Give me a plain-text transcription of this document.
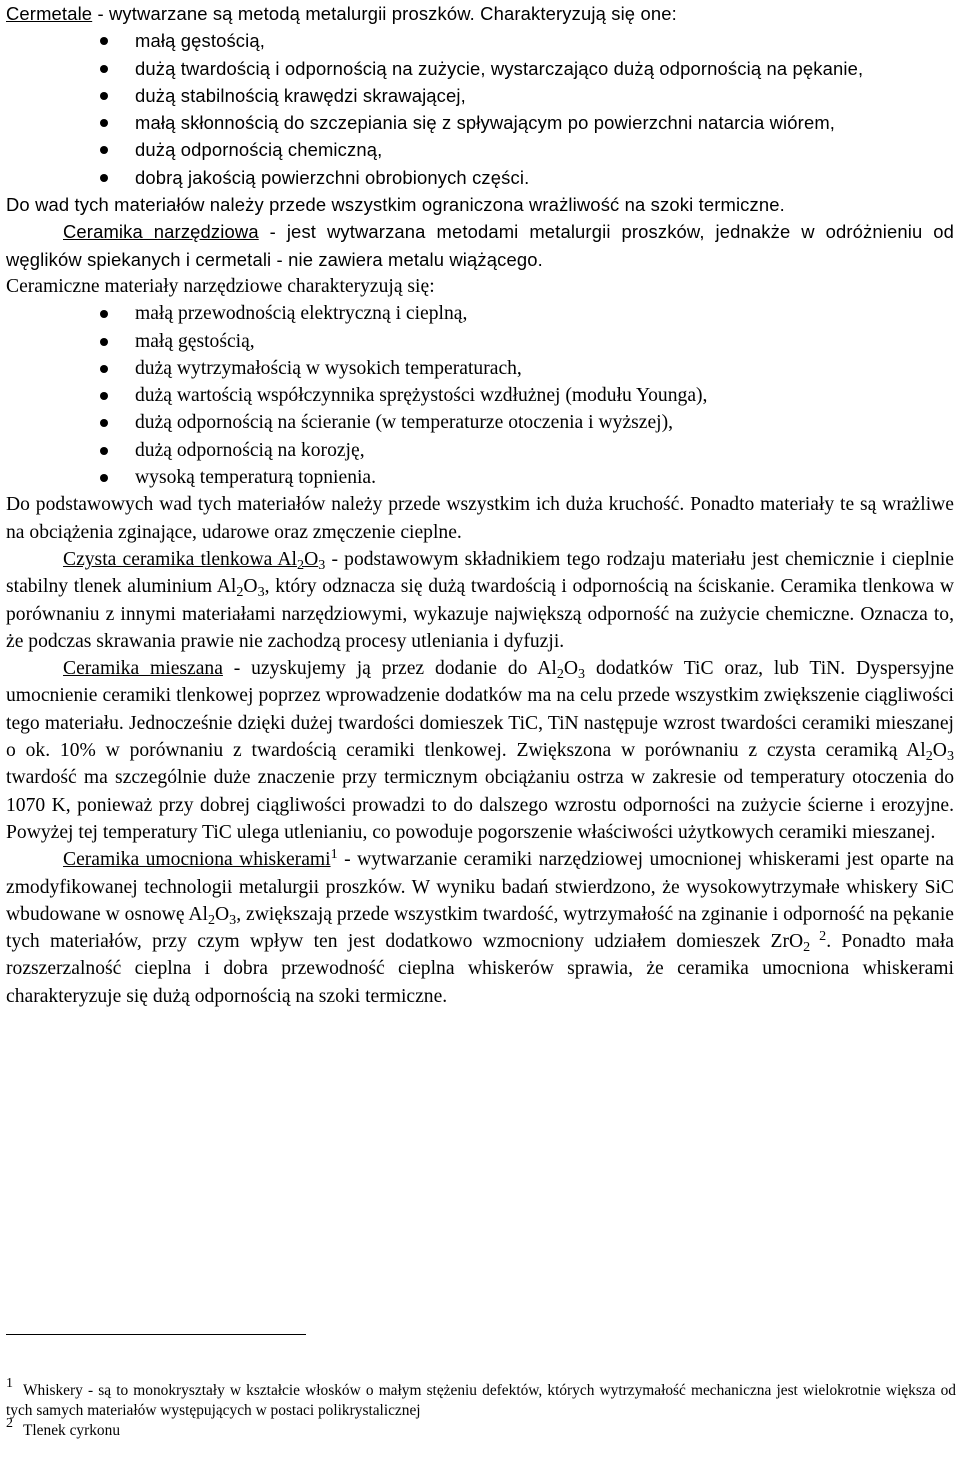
Cermetale - wytwarzane są metodą metalurgii proszków. Charakteryzują się one:

małą gęstością,
dużą twardością i odpornością na zużycie, wystarczająco dużą odpornością na pękanie,
dużą stabilnością krawędzi skrawającej,
małą skłonnością do szczepiania się z spływającym po powierzchni natarcia wiórem,
dużą odpornością chemiczną,
dobrą jakością powierzchni obrobionych części.

Do wad tych materiałów należy przede wszystkim ograniczona wrażliwość na szoki termiczne.

Ceramika narzędziowa - jest wytwarzana metodami metalurgii proszków, jednakże w odróżnieniu od węglików spiekanych i cermetali - nie zawiera metalu wiążącego.

Ceramiczne materiały narzędziowe charakteryzują się:

małą przewodnością elektryczną i cieplną,
małą gęstością,
dużą wytrzymałością w wysokich temperaturach,
dużą wartością współczynnika sprężystości wzdłużnej (modułu Younga),
dużą odpornością na ścieranie (w temperaturze otoczenia i wyższej),
dużą odpornością na korozję,
wysoką temperaturą topnienia.

Do podstawowych wad tych materiałów należy przede wszystkim ich duża kruchość. Ponadto materiały te są wrażliwe na obciążenia zginające, udarowe oraz zmęczenie cieplne.

Czysta ceramika tlenkowa $Al_2O_3$ - podstawowym składnikiem tego rodzaju materiału jest chemicznie i cieplnie stabilny tlenek aluminium $Al_2O_3$, który odznacza się dużą twardością i odpornością na ściskanie. Ceramika tlenkowa w porównaniu z innymi materiałami narzędziowymi, wykazuje największą odporność na zużycie chemiczne. Oznacza to, że podczas skrawania prawie nie zachodzą procesy utleniania i dyfuzji.

Ceramika mieszana - uzyskujemy ją przez dodanie do $Al_2O_3$ dodatków TiC oraz, lub TiN. Dyspersyjne umocnienie ceramiki tlenkowej poprzez wprowadzenie dodatków ma na celu przede wszystkim zwiększenie ciągliwości tego materiału. Jednocześnie dzięki dużej twardości domieszek TiC, TiN następuje wzrost twardości ceramiki mieszanej o ok. 10% w porównaniu z twardością ceramiki tlenkowej. Zwiększona w porównaniu z czysta ceramiką $Al_2O_3$ twardość ma szczególnie duże znaczenie przy termicznym obciążaniu ostrza w zakresie od temperatury otoczenia do 1070 K, ponieważ przy dobrej ciągliwości prowadzi to do dalszego wzrostu odporności na zużycie ścierne i erozyjne. Powyżej tej temperatury TiC ulega utlenianiu, co powoduje pogorszenie właściwości użytkowych ceramiki mieszanej.

Ceramika umocniona whiskerami$^1$ - wytwarzanie ceramiki narzędziowej umocnionej whiskerami jest oparte na zmodyfikowanej technologii metalurgii proszków. W wyniku badań stwierdzono, że wysokowytrzymałe whiskery SiC wbudowane w osnowę $Al_2O_3$, zwiększają przede wszystkim twardość, wytrzymałość na zginanie i odporność na pękanie tych materiałów, przy czym wpływ ten jest dodatkowo wzmocniony udziałem domieszek ZrO$_2$ $^2$. Ponadto mała rozszerzalność cieplna i dobra przewodność cieplna whiskerów sprawia, że ceramika umocniona whiskerami charakteryzuje się dużą odpornością na szoki termiczne.

1 Whiskery - są to monokryształy w kształcie włosków o małym stężeniu defektów, których wytrzymałość mechaniczna jest wielokrotnie większa od tych samych materiałów występujących w postaci polikrystalicznej

2 Tlenek cyrkonu
